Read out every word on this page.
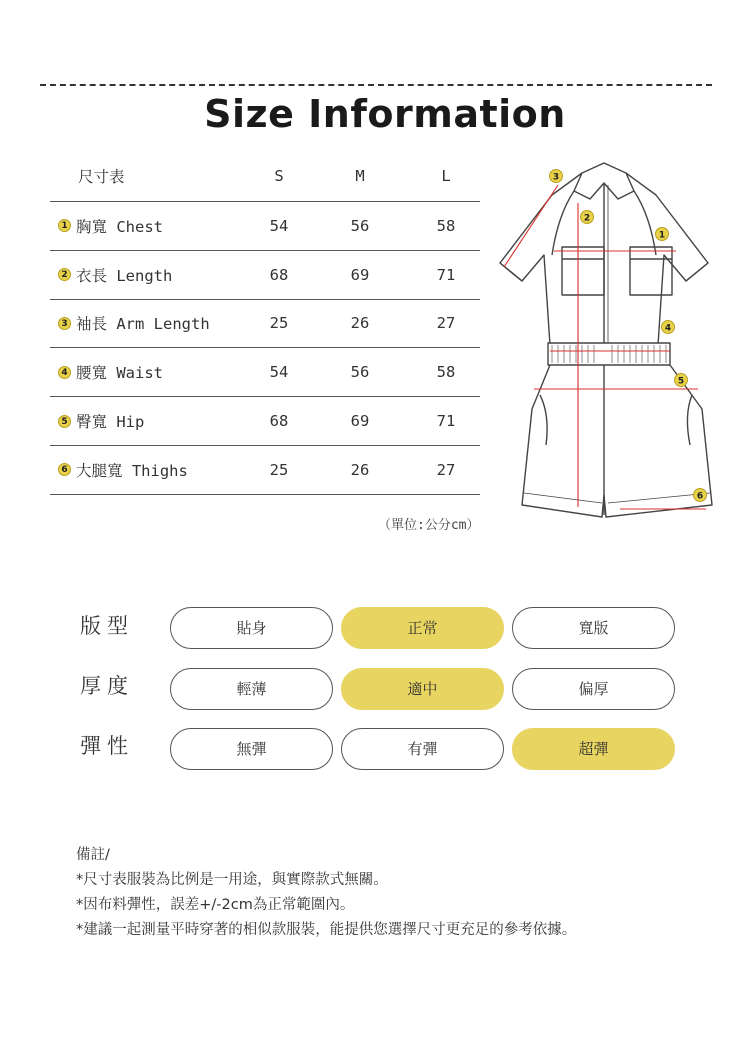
Size Information
尺寸表	S	M	L
1 胸寬 Chest	54	56	58
2 衣長 Length	68	69	71
3 袖長 Arm Length	25	26	27
4 腰寬 Waist	54	56	58
5 臀寬 Hip	68	69	71
6 大腿寬 Thighs	25	26	27
（單位:公分cm）
3
2
1
4
5
6
版型	貼身	正常	寬版
厚度	輕薄	適中	偏厚
彈性	無彈	有彈	超彈
備註/
*尺寸表服裝為比例是一用途，與實際款式無關。
*因布料彈性，誤差+/-2cm為正常範圍內。
*建議一起測量平時穿著的相似款服裝，能提供您選擇尺寸更充足的參考依據。
